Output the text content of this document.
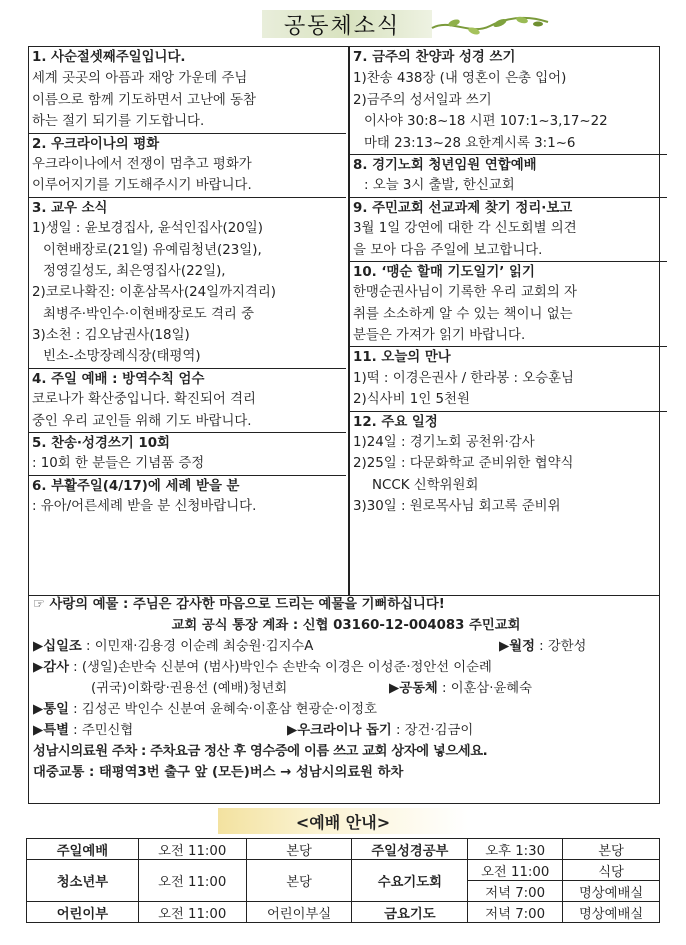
공동체소식
1. 사순절셋째주일입니다.
세계 곳곳의 아픔과 재앙 가운데 주님
이름으로 함께 기도하면서 고난에 동참
하는 절기 되기를 기도합니다.
2. 우크라이나의 평화
우크라이나에서 전쟁이 멈추고 평화가
이루어지기를 기도해주시기 바랍니다.
3. 교우 소식
1)생일 : 윤보경집사, 윤석인집사(20일)
이현배장로(21일) 유예림청년(23일),
정영길성도, 최은영집사(22일),
2)코로나확진: 이훈삼목사(24일까지격리)
최병주·박인수·이현배장로도 격리 중
3)소천 : 김오남권사(18일)
빈소-소망장례식장(태평역)
4. 주일 예배 : 방역수칙 엄수
코로나가 확산중입니다. 확진되어 격리
중인 우리 교인들 위해 기도 바랍니다.
5. 찬송·성경쓰기 10회
: 10회 한 분들은 기념품 증정
6. 부활주일(4/17)에 세례 받을 분
: 유아/어른세례 받을 분 신청바랍니다.
7. 금주의 찬양과 성경 쓰기
1)찬송 438장 (내 영혼이 은총 입어)
2)금주의 성서일과 쓰기
이사야 30:8~18 시편 107:1~3,17~22
마태 23:13~28 요한계시록 3:1~6
8. 경기노회 청년임원 연합예배
: 오늘 3시 출발, 한신교회
9. 주민교회 선교과제 찾기 정리·보고
3월 1일 강연에 대한 각 신도회별 의견
을 모아 다음 주일에 보고합니다.
10. ‘맹순 할매 기도일기’ 읽기
한맹순권사님이 기록한 우리 교회의 자
취를 소소하게 알 수 있는 책이니 없는
분들은 가져가 읽기 바랍니다.
11. 오늘의 만나
1)떡 : 이경은권사 / 한라봉 : 오승훈님
2)식사비 1인 5천원
12. 주요 일정
1)24일 : 경기노회 공천위·감사
2)25일 : 다문화학교 준비위한 협약식
NCCK 신학위원회
3)30일 : 원로목사님 회고록 준비위
☞ 사랑의 예물 : 주님은 감사한 마음으로 드리는 예물을 기뻐하십니다!
교회 공식 통장 계좌 : 신협 03160-12-004083 주민교회
▶십일조 : 이민재·김용경 이순례 최숭원·김지수A	▶월정 : 강한성
▶감사 : (생일)손반숙 신분여 (범사)박인수 손반숙 이경은 이성준·정안선 이순례
(귀국)이화랑·권용선 (예배)청년회	▶공동체 : 이훈삼·윤혜숙
▶통일 : 김성곤 박인수 신분여 윤혜숙·이훈삼 현광순·이정호
▶특별 : 주민신협	▶우크라이나 돕기 : 장건·김금이
성남시의료원 주차 : 주차요금 정산 후 영수증에 이름 쓰고 교회 상자에 넣으세요.
대중교통 : 태평역3번 출구 앞 (모든)버스 → 성남시의료원 하차
<예배 안내>
주일예배	오전 11:00	본당	주일성경공부	오후 1:30	본당
청소년부	오전 11:00	본당	수요기도회	오전 11:00	식당
				저녁 7:00	명상예배실
어린이부	오전 11:00	어린이부실	금요기도	저녁 7:00	명상예배실
